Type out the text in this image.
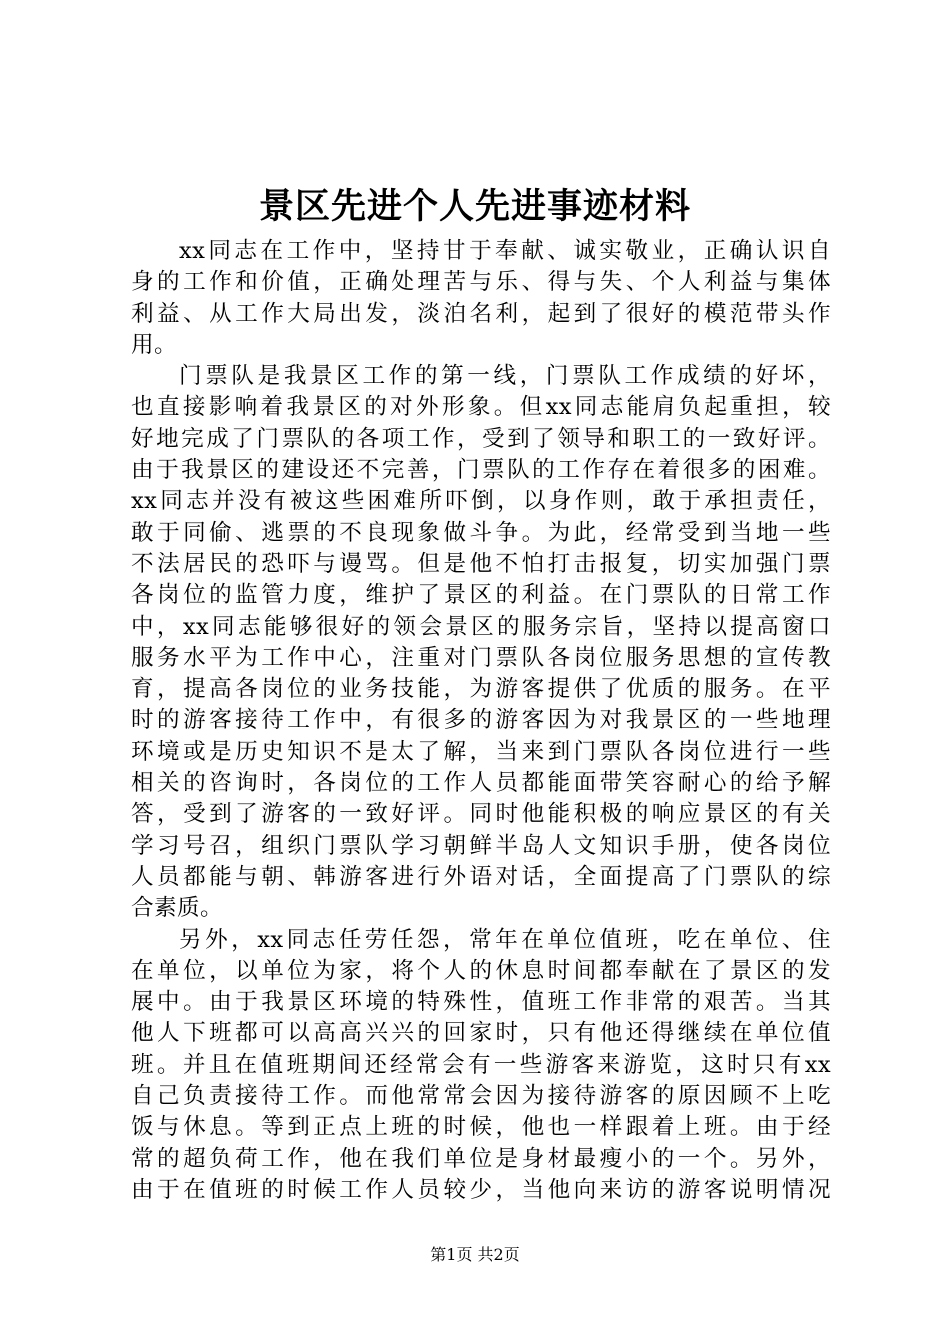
景区先进个人先进事迹材料
xx同志在工作中，坚持甘于奉献、诚实敬业，正确认识自
身的工作和价值，正确处理苦与乐、得与失、个人利益与集体
利益、从工作大局出发，淡泊名利，起到了很好的模范带头作
用。
门票队是我景区工作的第一线，门票队工作成绩的好坏，
也直接影响着我景区的对外形象。但xx同志能肩负起重担，较
好地完成了门票队的各项工作，受到了领导和职工的一致好评。
由于我景区的建设还不完善，门票队的工作存在着很多的困难。
xx同志并没有被这些困难所吓倒，以身作则，敢于承担责任，
敢于同偷、逃票的不良现象做斗争。为此，经常受到当地一些
不法居民的恐吓与谩骂。但是他不怕打击报复，切实加强门票
各岗位的监管力度，维护了景区的利益。在门票队的日常工作
中，xx同志能够很好的领会景区的服务宗旨，坚持以提高窗口
服务水平为工作中心，注重对门票队各岗位服务思想的宣传教
育，提高各岗位的业务技能，为游客提供了优质的服务。在平
时的游客接待工作中，有很多的游客因为对我景区的一些地理
环境或是历史知识不是太了解，当来到门票队各岗位进行一些
相关的咨询时，各岗位的工作人员都能面带笑容耐心的给予解
答，受到了游客的一致好评。同时他能积极的响应景区的有关
学习号召，组织门票队学习朝鲜半岛人文知识手册，使各岗位
人员都能与朝、韩游客进行外语对话，全面提高了门票队的综
合素质。
另外，xx同志任劳任怨，常年在单位值班，吃在单位、住
在单位，以单位为家，将个人的休息时间都奉献在了景区的发
展中。由于我景区环境的特殊性，值班工作非常的艰苦。当其
他人下班都可以高高兴兴的回家时，只有他还得继续在单位值
班。并且在值班期间还经常会有一些游客来游览，这时只有xx
自己负责接待工作。而他常常会因为接待游客的原因顾不上吃
饭与休息。等到正点上班的时候，他也一样跟着上班。由于经
常的超负荷工作，他在我们单位是身材最瘦小的一个。另外，
由于在值班的时候工作人员较少，当他向来访的游客说明情况
第1页 共2页
